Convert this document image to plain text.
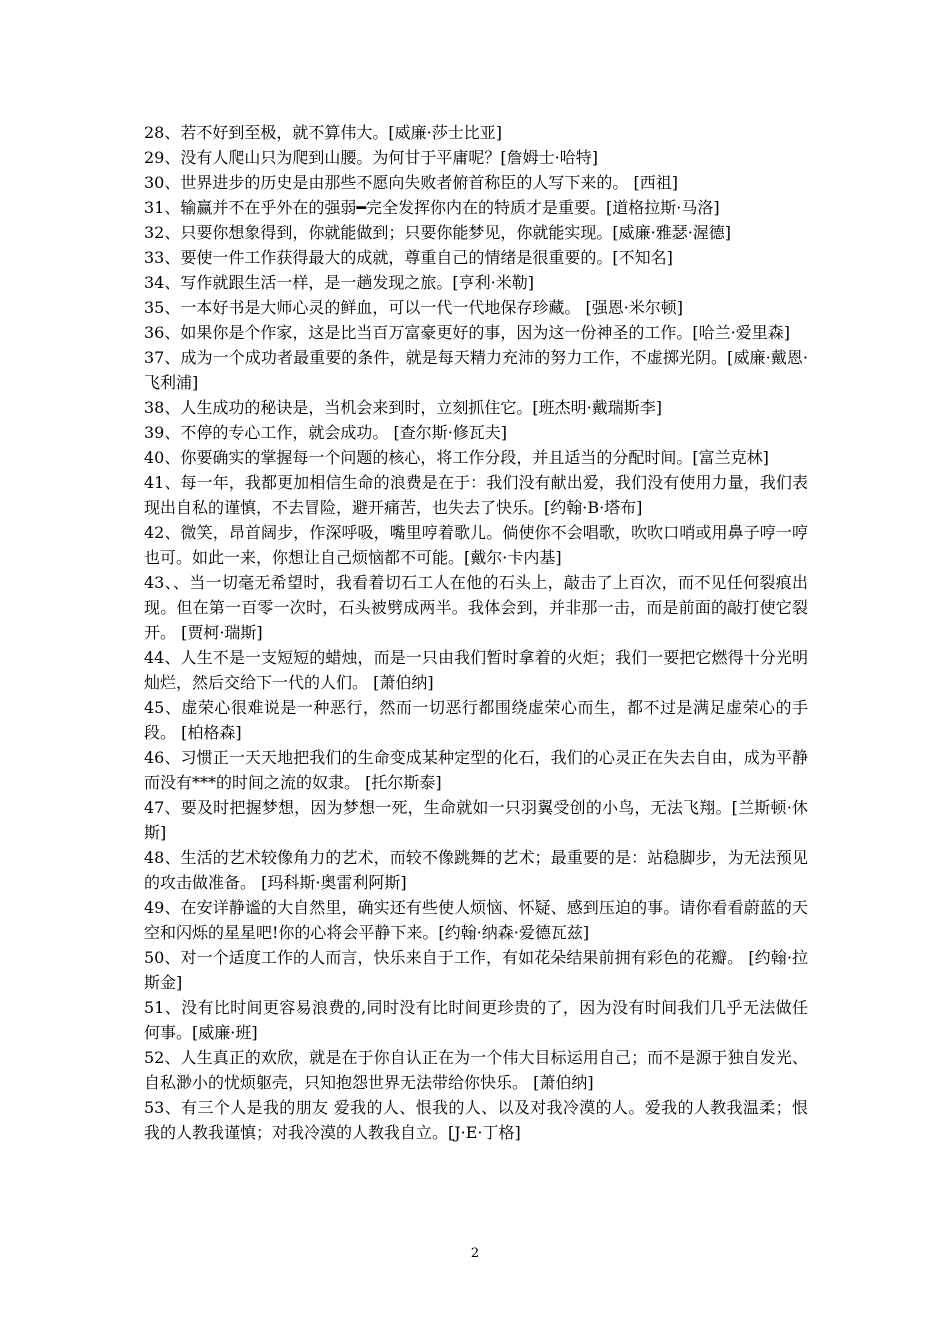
28、若不好到至极，就不算伟大。[威廉·莎士比亚]

29、没有人爬山只为爬到山腰。为何甘于平庸呢？[詹姆士·哈特]

30、世界进步的历史是由那些不愿向失败者俯首称臣的人写下来的。 [西祖]

31、输赢并不在乎外在的强弱━完全发挥你内在的特质才是重要。[道格拉斯·马洛]

32、只要你想象得到，你就能做到；只要你能梦见，你就能实现。[威廉·雅瑟·渥德]

33、要使一件工作获得最大的成就，尊重自己的情绪是很重要的。[不知名]

34、写作就跟生活一样，是一趟发现之旅。[亨利·米勒]

35、一本好书是大师心灵的鲜血，可以一代一代地保存珍藏。 [强恩·米尔顿]

36、如果你是个作家，这是比当百万富豪更好的事，因为这一份神圣的工作。[哈兰·爱里森]

37、成为一个成功者最重要的条件，就是每天精力充沛的努力工作，不虚掷光阴。[威廉·戴恩·飞利浦]

38、人生成功的秘诀是，当机会来到时，立刻抓住它。[班杰明·戴瑞斯李]

39、不停的专心工作，就会成功。 [查尔斯·修瓦夫]

40、你要确实的掌握每一个问题的核心，将工作分段，并且适当的分配时间。[富兰克林]

41、每一年，我都更加相信生命的浪费是在于：我们没有献出爱，我们没有使用力量，我们表现出自私的谨慎，不去冒险，避开痛苦，也失去了快乐。[约翰·B·塔布]

42、微笑，昂首阔步，作深呼吸，嘴里哼着歌儿。倘使你不会唱歌，吹吹口哨或用鼻子哼一哼也可。如此一来，你想让自己烦恼都不可能。[戴尔·卡内基]

43、、当一切毫无希望时，我看着切石工人在他的石头上，敲击了上百次，而不见任何裂痕出现。但在第一百零一次时，石头被劈成两半。我体会到，并非那一击，而是前面的敲打使它裂开。 [贾柯·瑞斯]

44、人生不是一支短短的蜡烛，而是一只由我们暂时拿着的火炬；我们一要把它燃得十分光明灿烂，然后交给下一代的人们。 [萧伯纳]

45、虚荣心很难说是一种恶行，然而一切恶行都围绕虚荣心而生，都不过是满足虚荣心的手段。 [柏格森]

46、习惯正一天天地把我们的生命变成某种定型的化石，我们的心灵正在失去自由，成为平静而没有***的时间之流的奴隶。 [托尔斯泰]

47、要及时把握梦想，因为梦想一死，生命就如一只羽翼受创的小鸟，无法飞翔。[兰斯顿·休斯]

48、生活的艺术较像角力的艺术，而较不像跳舞的艺术；最重要的是：站稳脚步，为无法预见的攻击做准备。 [玛科斯·奥雷利阿斯]

49、在安详静谧的大自然里，确实还有些使人烦恼、怀疑、感到压迫的事。请你看看蔚蓝的天空和闪烁的星星吧!你的心将会平静下来。[约翰·纳森·爱德瓦兹]

50、对一个适度工作的人而言，快乐来自于工作，有如花朵结果前拥有彩色的花瓣。 [约翰·拉斯金]

51、没有比时间更容易浪费的,同时没有比时间更珍贵的了，因为没有时间我们几乎无法做任何事。[威廉·班]

52、人生真正的欢欣，就是在于你自认正在为一个伟大目标运用自己；而不是源于独自发光、自私渺小的忧烦躯壳，只知抱怨世界无法带给你快乐。 [萧伯纳]

53、有三个人是我的朋友 爱我的人、恨我的人、以及对我冷漠的人。爱我的人教我温柔；恨我的人教我谨慎；对我冷漠的人教我自立。[J·E·丁格]

2
